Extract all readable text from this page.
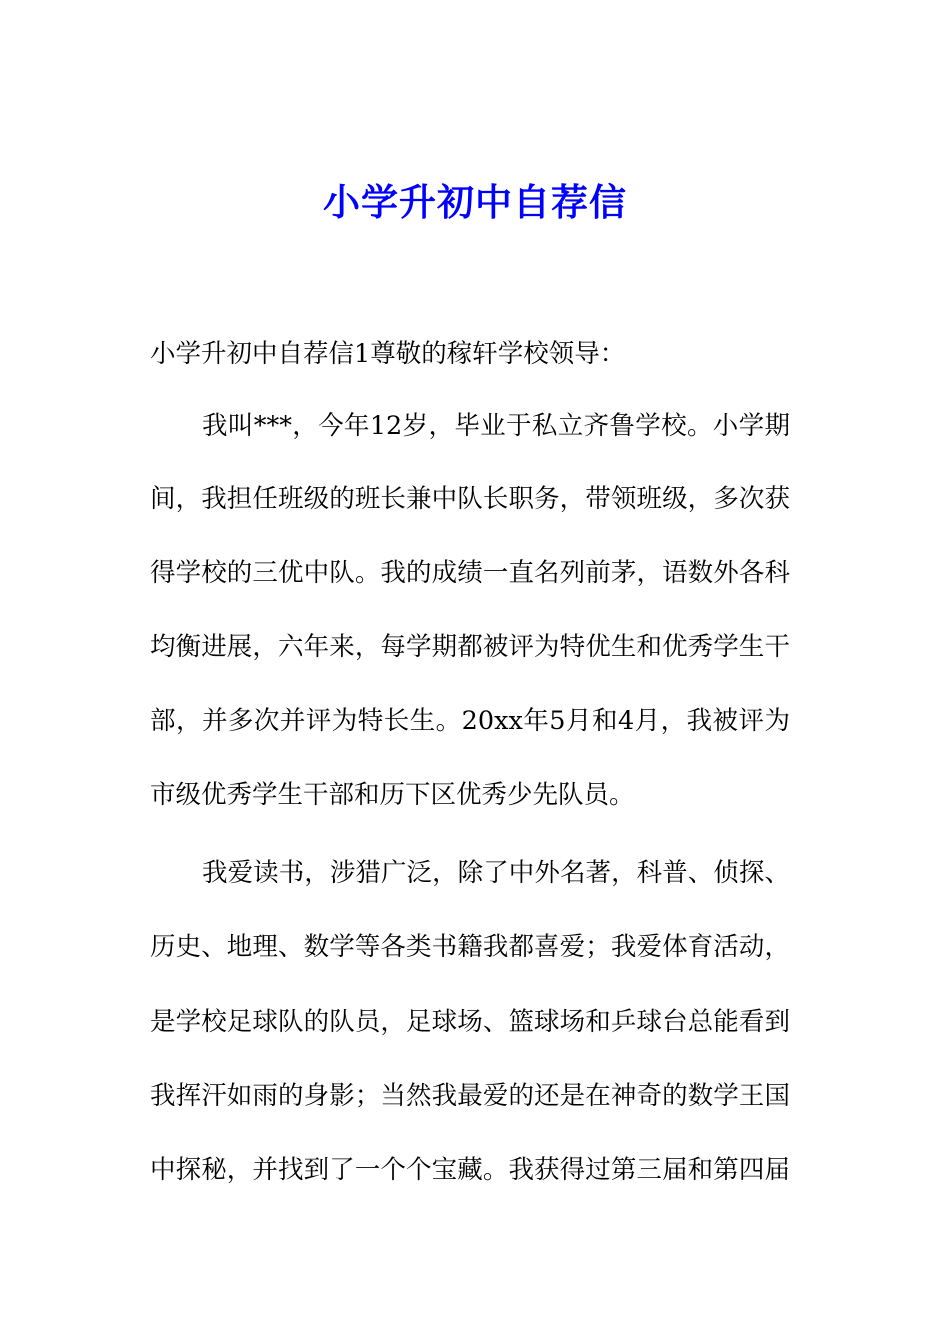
小学升初中自荐信
小学升初中自荐信1尊敬的稼轩学校领导：
我叫***，今年12岁，毕业于私立齐鲁学校。小学期
间，我担任班级的班长兼中队长职务，带领班级，多次获
得学校的三优中队。我的成绩一直名列前茅，语数外各科
均衡进展，六年来，每学期都被评为特优生和优秀学生干
部，并多次并评为特长生。20xx年5月和4月，我被评为
市级优秀学生干部和历下区优秀少先队员。
我爱读书，涉猎广泛，除了中外名著，科普、侦探、
历史、地理、数学等各类书籍我都喜爱；我爱体育活动，
是学校足球队的队员，足球场、篮球场和乒球台总能看到
我挥汗如雨的身影；当然我最爱的还是在神奇的数学王国
中探秘，并找到了一个个宝藏。我获得过第三届和第四届
